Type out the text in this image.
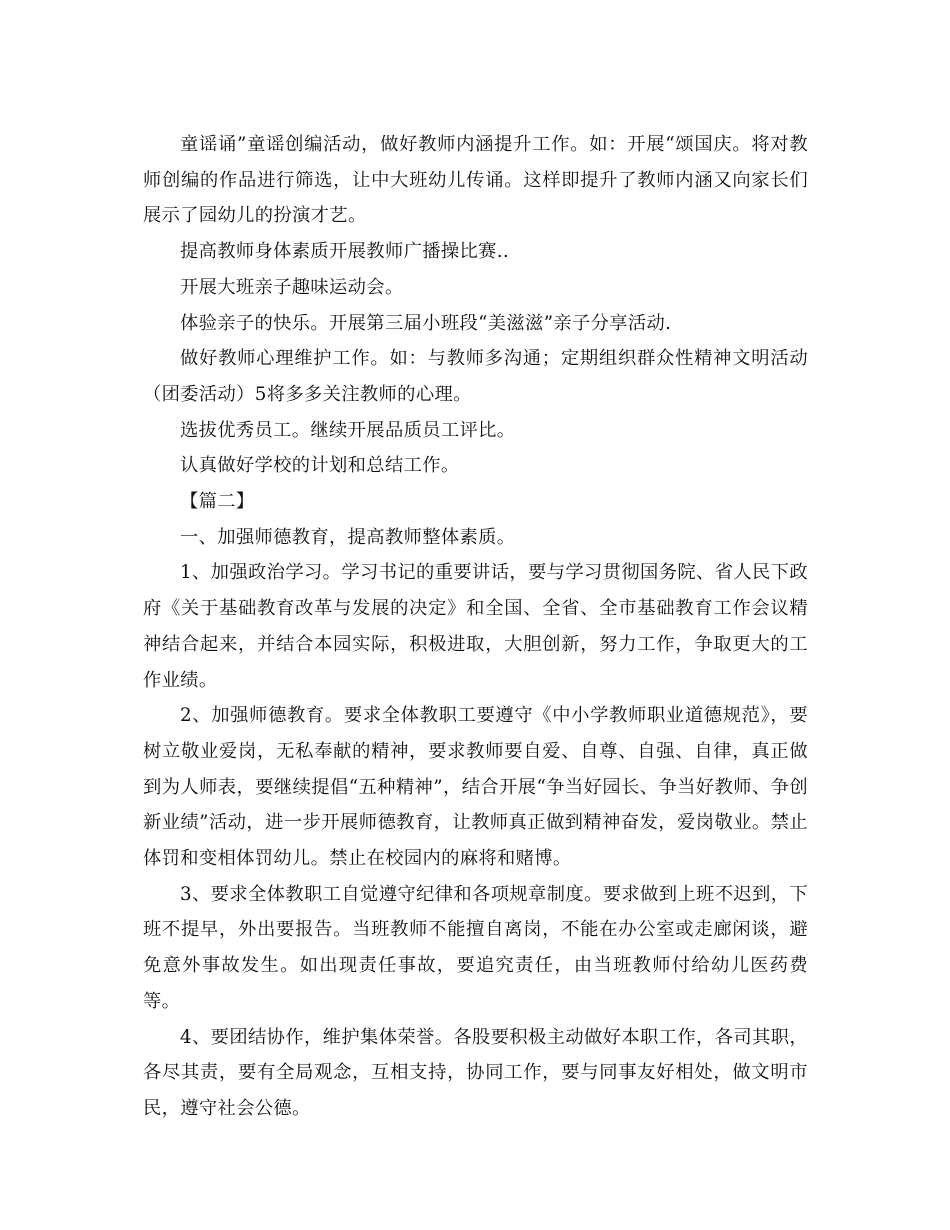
童谣诵”童谣创编活动，做好教师内涵提升工作。如：开展“颂国庆。将对教师创编的作品进行筛选，让中大班幼儿传诵。这样即提升了教师内涵又向家长们展示了园幼儿的扮演才艺。

提高教师身体素质开展教师广播操比赛..

开展大班亲子趣味运动会。

体验亲子的快乐。开展第三届小班段“美滋滋”亲子分享活动.

做好教师心理维护工作。如：与教师多沟通；定期组织群众性精神文明活动（团委活动）5将多多关注教师的心理。

选拔优秀员工。继续开展品质员工评比。

认真做好学校的计划和总结工作。

【篇二】

一、加强师德教育，提高教师整体素质。

1、加强政治学习。学习书记的重要讲话，要与学习贯彻国务院、省人民下政府《关于基础教育改革与发展的决定》和全国、全省、全市基础教育工作会议精神结合起来，并结合本园实际，积极进取，大胆创新，努力工作，争取更大的工作业绩。

2、加强师德教育。要求全体教职工要遵守《中小学教师职业道德规范》，要树立敬业爱岗，无私奉献的精神，要求教师要自爱、自尊、自强、自律，真正做到为人师表，要继续提倡“五种精神”，结合开展“争当好园长、争当好教师、争创新业绩”活动，进一步开展师德教育，让教师真正做到精神奋发，爱岗敬业。禁止体罚和变相体罚幼儿。禁止在校园内的麻将和赌博。

3、要求全体教职工自觉遵守纪律和各项规章制度。要求做到上班不迟到，下班不提早，外出要报告。当班教师不能擅自离岗，不能在办公室或走廊闲谈，避免意外事故发生。如出现责任事故，要追究责任，由当班教师付给幼儿医药费等。

4、要团结协作，维护集体荣誉。各股要积极主动做好本职工作，各司其职，各尽其责，要有全局观念，互相支持，协同工作，要与同事友好相处，做文明市民，遵守社会公德。
